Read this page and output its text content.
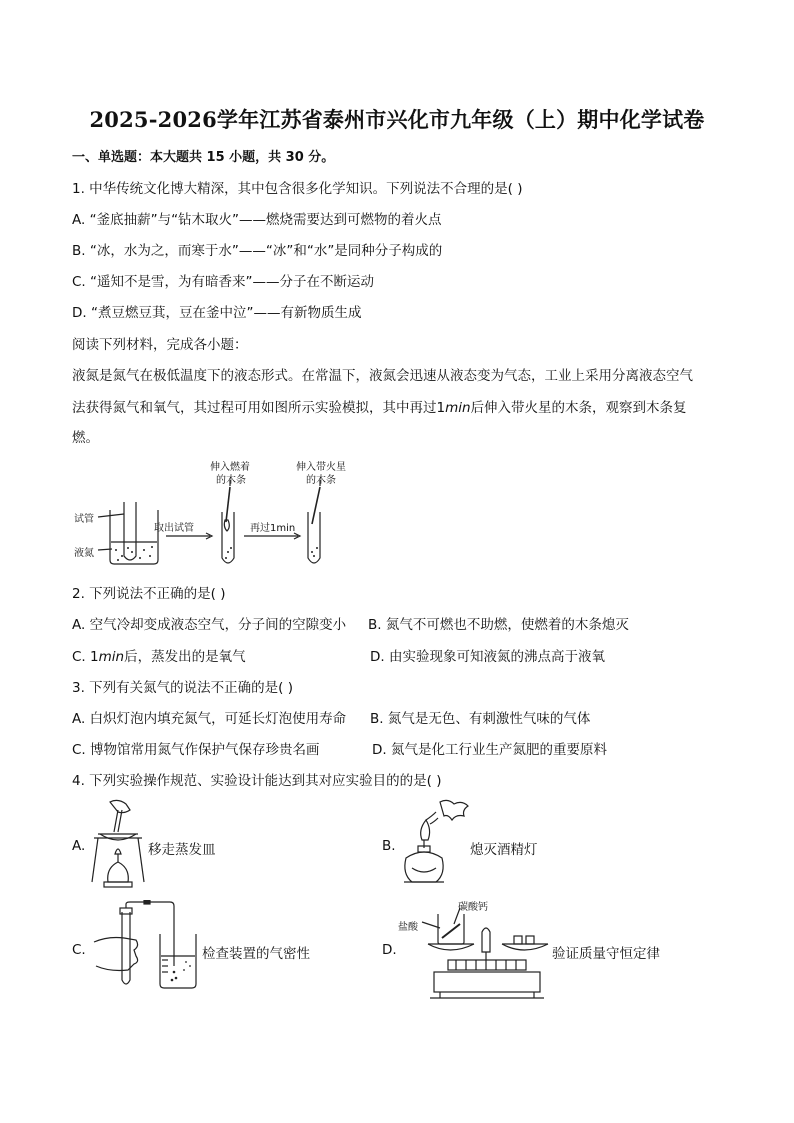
2025-2026学年江苏省泰州市兴化市九年级（上）期中化学试卷
一、单选题：本大题共 15 小题，共 30 分。
1. 中华传统文化博大精深，其中包含很多化学知识。下列说法不合理的是( )
A. “釜底抽薪”与“钻木取火”——燃烧需要达到可燃物的着火点
B. “冰，水为之，而寒于水”——“冰”和“水”是同种分子构成的
C. “遥知不是雪，为有暗香来”——分子在不断运动
D. “煮豆燃豆萁，豆在釜中泣”——有新物质生成
阅读下列材料，完成各小题：
液氮是氮气在极低温度下的液态形式。在常温下，液氮会迅速从液态变为气态，工业上采用分离液态空气
法获得氮气和氧气，其过程可用如图所示实验模拟，其中再过1min后伸入带火星的木条，观察到木条复
燃。
试管
液氮
取出试管	再过1min
伸入燃着
的木条
伸入带火星
的木条
2. 下列说法不正确的是( )
A. 空气冷却变成液态空气，分子间的空隙变小 B. 氮气不可燃也不助燃，使燃着的木条熄灭
C. 1min后，蒸发出的是氧气	D. 由实验现象可知液氮的沸点高于液氧
3. 下列有关氮气的说法不正确的是( )
A. 白炽灯泡内填充氮气，可延长灯泡使用寿命 B. 氮气是无色、有刺激性气味的气体
C. 博物馆常用氮气作保护气保存珍贵名画	D. 氮气是化工行业生产氮肥的重要原料
4. 下列实验操作规范、实验设计能达到其对应实验目的的是( )
A.	移走蒸发皿	B.	熄灭酒精灯
C.	检查装置的气密性	D.
盐酸
碳酸钙
验证质量守恒定律
